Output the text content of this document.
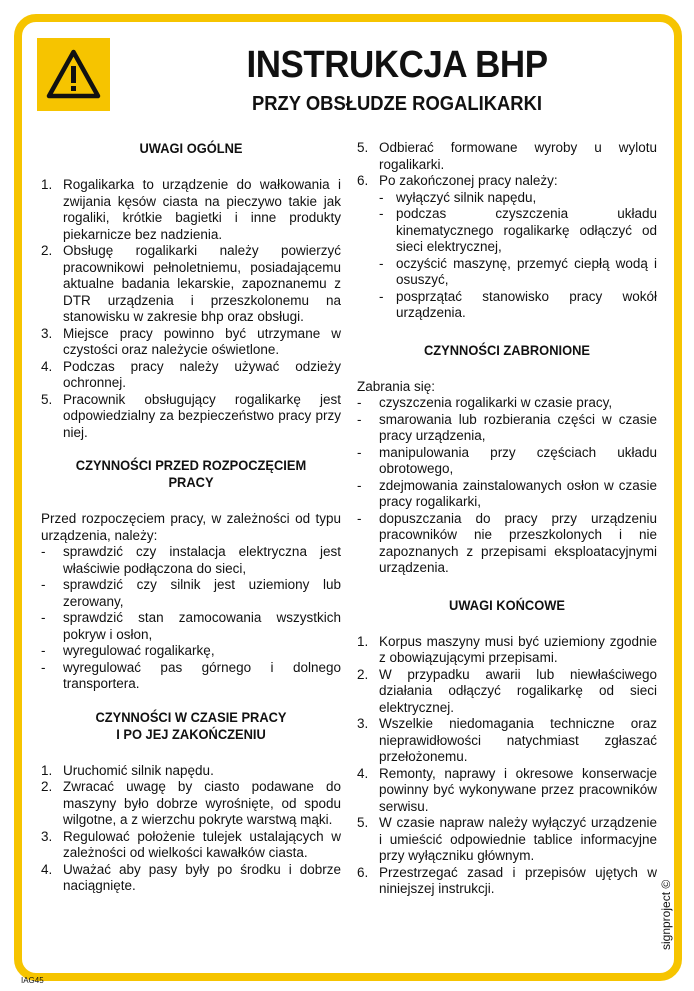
INSTRUKCJA BHP
PRZY OBSŁUDZE ROGALIKARKI
UWAGI OGÓLNE
1. Rogalikarka to urządzenie do wałkowania i zwijania kęsów ciasta na pieczywo takie jak rogaliki, krótkie bagietki i inne produkty piekarnicze bez nadzienia.
2. Obsługę rogalikarki należy powierzyć pracownikowi pełnoletniemu, posiadającemu aktualne badania lekarskie, zapoznanemu z DTR urządzenia i przeszkolonemu na stanowisku w zakresie bhp oraz obsługi.
3. Miejsce pracy powinno być utrzymane w czystości oraz należycie oświetlone.
4. Podczas pracy należy używać odzieży ochronnej.
5. Pracownik obsługujący rogalikarkę jest odpowiedzialny za bezpieczeństwo pracy przy niej.
CZYNNOŚCI PRZED ROZPOCZĘCIEM PRACY

Przed rozpoczęciem pracy, w zależności od typu urządzenia, należy:

- sprawdzić czy instalacja elektryczna jest właściwie podłączona do sieci,
- sprawdzić czy silnik jest uziemiony lub zerowany,
- sprawdzić stan zamocowania wszystkich pokryw i osłon,
- wyregulować rogalikarkę,
- wyregulować pas górnego i dolnego transportera.
CZYNNOŚCI W CZASIE PRACY
I PO JEJ ZAKOŃCZENIU
1. Uruchomić silnik napędu.
2. Zwracać uwagę by ciasto podawane do maszyny było dobrze wyrośnięte, od spodu wilgotne, a z wierzchu pokryte warstwą mąki.
3. Regulować położenie tulejek ustalających w zależności od wielkości kawałków ciasta.
4. Uważać aby pasy były po środku i dobrze naciągnięte.
5. Odbierać formowane wyroby u wylotu rogalikarki.
6. Po zakończonej pracy należy:
- wyłączyć silnik napędu,
- podczas czyszczenia układu kinematycznego rogalikarkę odłączyć od sieci elektrycznej,
- oczyścić maszynę, przemyć ciepłą wodą i osuszyć,
- posprzątać stanowisko pracy wokół urządzenia.
CZYNNOŚCI ZABRONIONE

Zabrania się:

- czyszczenia rogalikarki w czasie pracy,
- smarowania lub rozbierania części w czasie pracy urządzenia,
- manipulowania przy częściach układu obrotowego,
- zdejmowania zainstalowanych osłon w czasie pracy rogalikarki,
- dopuszczania do pracy przy urządzeniu pracowników nie przeszkolonych i nie zapoznanych z przepisami eksploatacyjnymi urządzenia.
UWAGI KOŃCOWE
1. Korpus maszyny musi być uziemiony zgodnie z obowiązującymi przepisami.
2. W przypadku awarii lub niewłaściwego działania odłączyć rogalikarkę od sieci elektrycznej.
3. Wszelkie niedomagania techniczne oraz nieprawidłowości natychmiast zgłaszać przełożonemu.
4. Remonty, naprawy i okresowe konserwacje powinny być wykonywane przez pracowników serwisu.
5. W czasie napraw należy wyłączyć urządzenie i umieścić odpowiednie tablice informacyjne przy wyłączniku głównym.
6. Przestrzegać zasad i przepisów ujętych w niniejszej instrukcji.	signproject ©
IAG45
